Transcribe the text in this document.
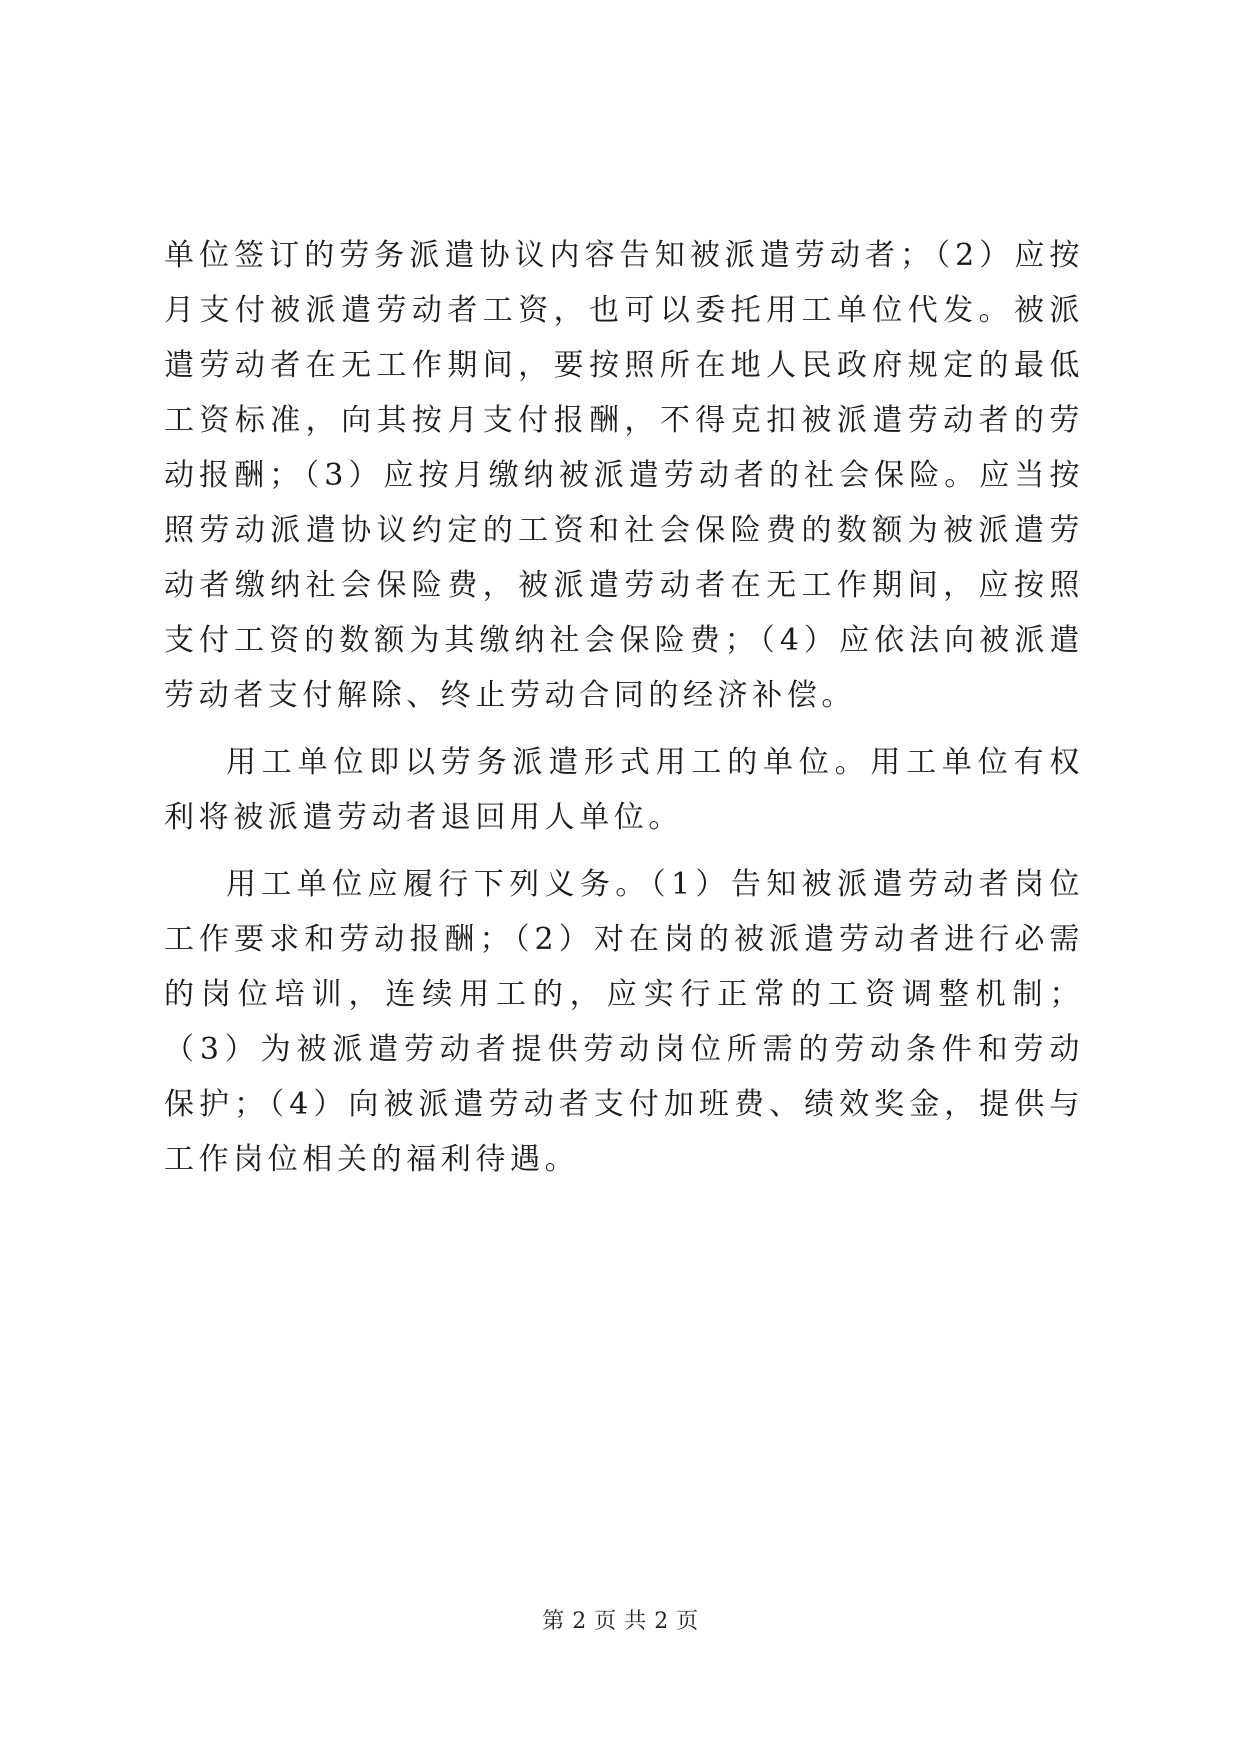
单位签订的劳务派遣协议内容告知被派遣劳动者；（2）应按月支付被派遣劳动者工资，也可以委托用工单位代发。被派遣劳动者在无工作期间，要按照所在地人民政府规定的最低工资标准，向其按月支付报酬，不得克扣被派遣劳动者的劳动报酬；（3）应按月缴纳被派遣劳动者的社会保险。应当按照劳动派遣协议约定的工资和社会保险费的数额为被派遣劳动者缴纳社会保险费，被派遣劳动者在无工作期间，应按照支付工资的数额为其缴纳社会保险费；（4）应依法向被派遣劳动者支付解除、终止劳动合同的经济补偿。

用工单位即以劳务派遣形式用工的单位。用工单位有权利将被派遣劳动者退回用人单位。

用工单位应履行下列义务。（1）告知被派遣劳动者岗位工作要求和劳动报酬；（2）对在岗的被派遣劳动者进行必需的岗位培训，连续用工的，应实行正常的工资调整机制；（3）为被派遣劳动者提供劳动岗位所需的劳动条件和劳动保护；（4）向被派遣劳动者支付加班费、绩效奖金，提供与工作岗位相关的福利待遇。

第 2 页 共 2 页
